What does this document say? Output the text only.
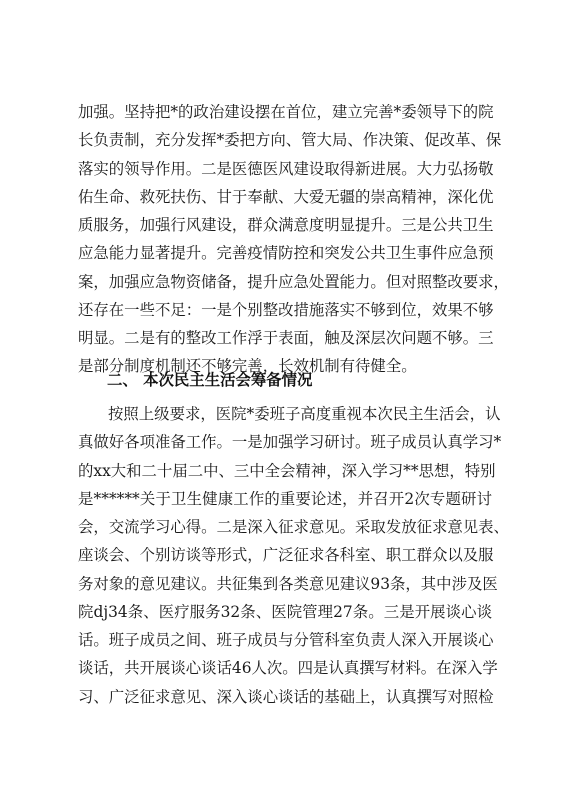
加强。坚持把*的政治建设摆在首位，建立完善*委领导下的院
长负责制，充分发挥*委把方向、管大局、作决策、促改革、保
落实的领导作用。二是医德医风建设取得新进展。大力弘扬敬
佑生命、救死扶伤、甘于奉献、大爱无疆的崇高精神，深化优
质服务，加强行风建设，群众满意度明显提升。三是公共卫生
应急能力显著提升。完善疫情防控和突发公共卫生事件应急预
案，加强应急物资储备，提升应急处置能力。但对照整改要求，
还存在一些不足：一是个别整改措施落实不够到位，效果不够
明显。二是有的整改工作浮于表面，触及深层次问题不够。三
是部分制度机制还不够完善，长效机制有待健全。
二、 本次民主生活会筹备情况
按照上级要求，医院*委班子高度重视本次民主生活会，认
真做好各项准备工作。一是加强学习研讨。班子成员认真学习*
的xx大和二十届二中、三中全会精神，深入学习**思想，特别
是******关于卫生健康工作的重要论述，并召开2次专题研讨
会，交流学习心得。二是深入征求意见。采取发放征求意见表、
座谈会、个别访谈等形式，广泛征求各科室、职工群众以及服
务对象的意见建议。共征集到各类意见建议93条，其中涉及医
院dj34条、医疗服务32条、医院管理27条。三是开展谈心谈
话。班子成员之间、班子成员与分管科室负责人深入开展谈心
谈话，共开展谈心谈话46人次。四是认真撰写材料。在深入学
习、广泛征求意见、深入谈心谈话的基础上，认真撰写对照检
